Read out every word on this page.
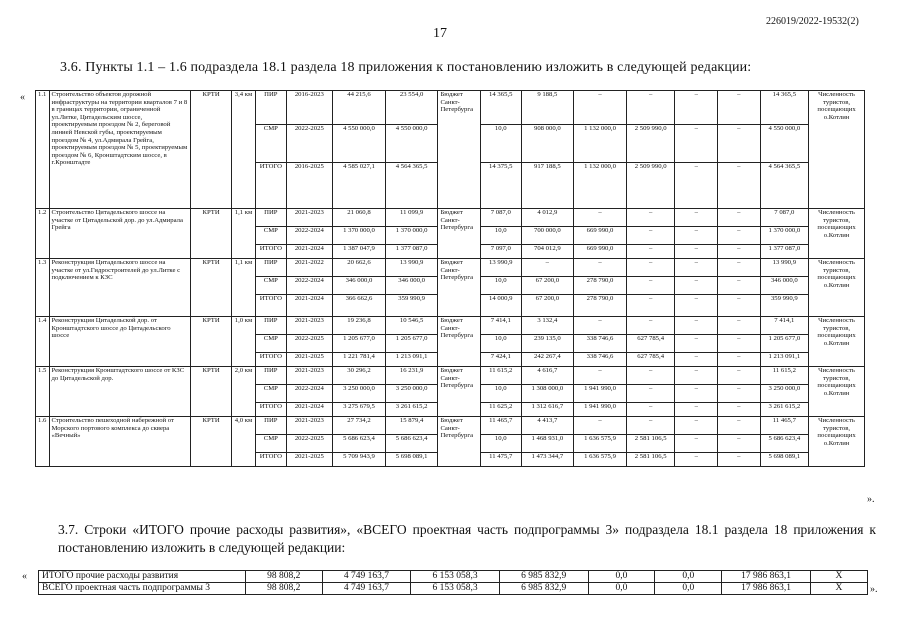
226019/2022-19532(2)
17
3.6. Пункты 1.1 – 1.6 подраздела 18.1 раздела 18 приложения к постановлению изложить в следующей редакции:
« 1.1	Строительство объектов дорожной инфраструктуры на территории кварталов 7 и 8 в границах территории, ограниченной ул.Литке, Цитадельским шоссе, проектируемым проездом № 2, береговой линией Невской губы, проектируемым проездом № 4, ул.Адмирала Грейга, проектируемым проездом № 5, проектируемым проездом № 6, Кронштадтским шоссе, в г.Кронштадте	КРТИ	3,4 км	ПИР	2016-2023	44 215,6	23 554,0	Бюджет Санкт-Петербурга	14 365,5	9 188,5	–	–	–	–	14 365,5	Численность туристов, посещающих о.Котлин
				СМР	2022-2025	4 550 000,0	4 550 000,0		10,0	908 000,0	1 132 000,0	2 509 990,0	–	–	4 550 000,0	
				ИТОГО	2016-2025	4 585 027,1	4 564 365,5		14 375,5	917 188,5	1 132 000,0	2 509 990,0	–	–	4 564 365,5	
1.2	Строительство Цитадельского шоссе на участке от Цитадельской дор. до ул.Адмирала Грейга	КРТИ	1,1 км	ПИР	2021-2023	21 060,8	11 099,9	Бюджет Санкт-Петербурга	7 087,0	4 012,9	–	–	–	–	7 087,0	Численность туристов, посещающих о.Котлин
				СМР	2022-2024	1 370 000,0	1 370 000,0		10,0	700 000,0	669 990,0	–	–	–	1 370 000,0	
				ИТОГО	2021-2024	1 387 047,9	1 377 087,0		7 097,0	704 012,9	669 990,0	–	–	–	1 377 087,0	
1.3	Реконструкция Цитадельского шоссе на участке от ул.Гидростроителей до ул.Литке с подключением к КЗС	КРТИ	1,1 км	ПИР	2021-2022	20 662,6	13 990,9	Бюджет Санкт-Петербурга	13 990,9	–	–	–	–	–	13 990,9	Численность туристов, посещающих о.Котлин
				СМР	2022-2024	346 000,0	346 000,0		10,0	67 200,0	278 790,0	–	–	–	346 000,0	
				ИТОГО	2021-2024	366 662,6	359 990,9		14 000,9	67 200,0	278 790,0	–	–	–	359 990,9	
1.4	Реконструкция Цитадельской дор. от Кронштадтского шоссе до Цитадельского шоссе	КРТИ	1,0 км	ПИР	2021-2023	19 236,8	10 546,5	Бюджет Санкт-Петербурга	7 414,1	3 132,4	–	–	–	–	7 414,1	Численность туристов, посещающих о.Котлин
				СМР	2022-2025	1 205 677,0	1 205 677,0		10,0	239 135,0	338 746,6	627 785,4	–	–	1 205 677,0	
				ИТОГО	2021-2025	1 221 781,4	1 213 091,1		7 424,1	242 267,4	338 746,6	627 785,4	–	–	1 213 091,1	
1.5	Реконструкция Кронштадтского шоссе от КЗС до Цитадельской дор.	КРТИ	2,0 км	ПИР	2021-2023	30 296,2	16 231,9	Бюджет Санкт-Петербурга	11 615,2	4 616,7	–	–	–	–	11 615,2	Численность туристов, посещающих о.Котлин
				СМР	2022-2024	3 250 000,0	3 250 000,0		10,0	1 308 000,0	1 941 990,0	–	–	–	3 250 000,0	
				ИТОГО	2021-2024	3 275 679,5	3 261 615,2		11 625,2	1 312 616,7	1 941 990,0	–	–	–	3 261 615,2	
1.6	Строительство пешеходной набережной от Морского портового комплекса до сквера «Вечный»	КРТИ	4,0 км	ПИР	2021-2023	27 734,2	15 879,4	Бюджет Санкт-Петербурга	11 465,7	4 413,7	–	–	–	–	11 465,7	Численность туристов, посещающих о.Котлин
				СМР	2022-2025	5 686 623,4	5 686 623,4		10,0	1 468 931,0	1 636 575,9	2 581 106,5	–	–	5 686 623,4	
				ИТОГО	2021-2025	5 709 943,9	5 698 089,1		11 475,7	1 473 344,7	1 636 575,9	2 581 106,5	–	–	5 698 089,1	
».
3.7. Строки «ИТОГО прочие расходы развития», «ВСЕГО проектная часть подпрограммы 3» подраздела 18.1 раздела 18 приложения к постановлению изложить в следующей редакции:
« ИТОГО прочие расходы развития	98 808,2	4 749 163,7	6 153 058,3	6 985 832,9	0,0	0,0	17 986 863,1	X
ВСЕГО проектная часть подпрограммы 3	98 808,2	4 749 163,7	6 153 058,3	6 985 832,9	0,0	0,0	17 986 863,1	X	».
